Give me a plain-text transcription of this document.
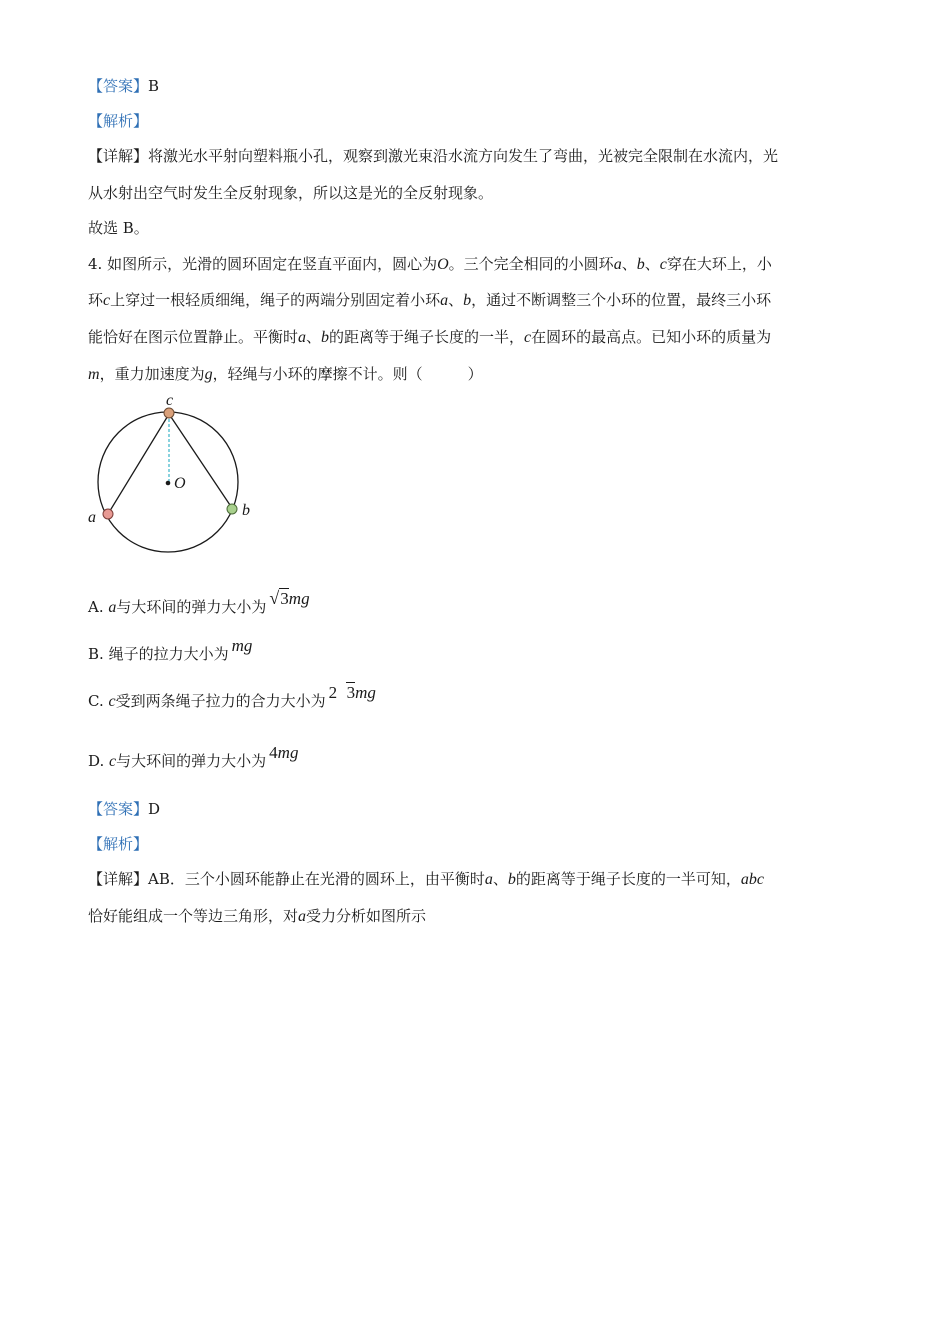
【答案】B
【解析】
【详解】将激光水平射向塑料瓶小孔，观察到激光束沿水流方向发生了弯曲，光被完全限制在水流内，光
从水射出空气时发生全反射现象，所以这是光的全反射现象。
故选 B。
4. 如图所示，光滑的圆环固定在竖直平面内，圆心为O。三个完全相同的小圆环a、b、c穿在大环上，小
环c上穿过一根轻质细绳，绳子的两端分别固定着小环a、b，通过不断调整三个小环的位置，最终三小环
能恰好在图示位置静止。平衡时a、b的距离等于绳子长度的一半，c在圆环的最高点。已知小环的质量为
m，重力加速度为g，轻绳与小环的摩擦不计。则（　　　）
c
O
a	b
A. a与大环间的弹力大小为 √3mg
B. 绳子的拉力大小为 mg
C. c受到两条绳子拉力的合力大小为 2 3mg
D. c与大环间的弹力大小为 4mg
【答案】D
【解析】
【详解】AB．三个小圆环能静止在光滑的圆环上，由平衡时a、b的距离等于绳子长度的一半可知，abc
恰好能组成一个等边三角形，对a受力分析如图所示
